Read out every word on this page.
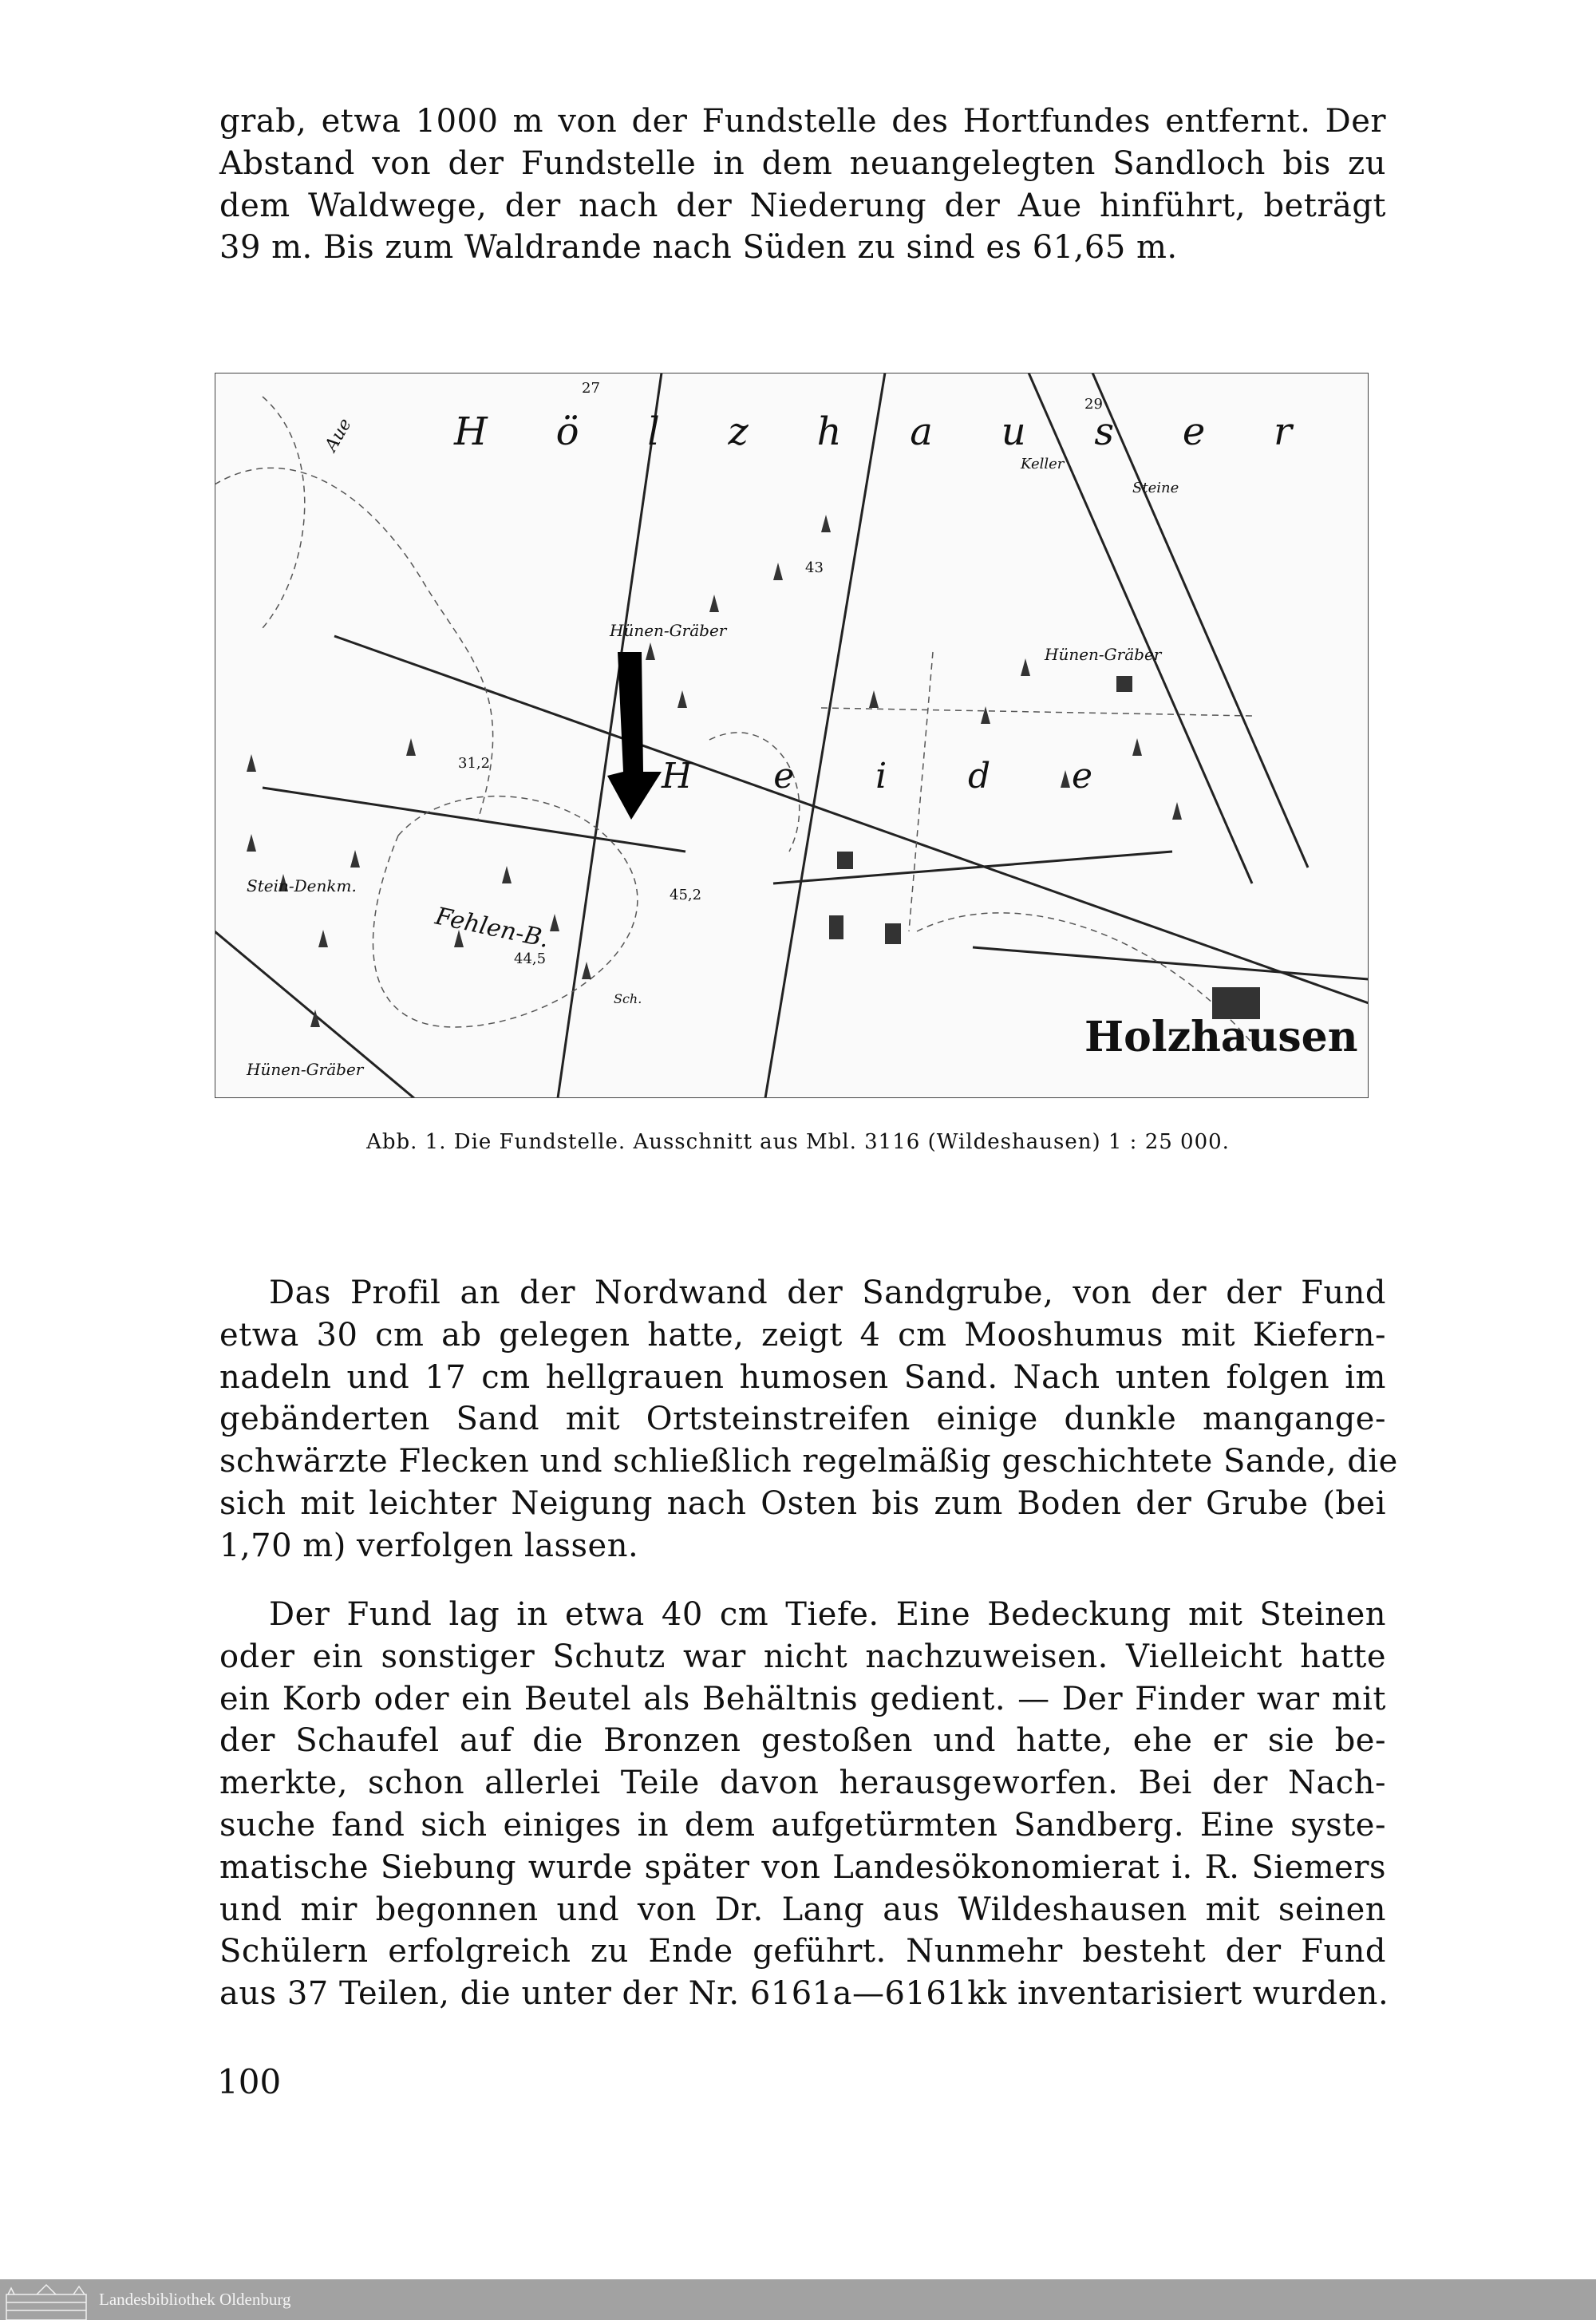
grab, etwa 1000 m von der Fundstelle des Hortfundes entfernt. Der
Abstand von der Fundstelle in dem neuangelegten Sandloch bis zu
dem Waldwege, der nach der Niederung der Aue hinführt, beträgt
39 m. Bis zum Waldrande nach Süden zu sind es 61,65 m.
H ö l z h a u s e r
H e i d e
Fehlen-B.
Stein-Denkm.
Hünen-Gräber
Hünen-Gräber
Hünen-Gräber
Holzhausen
Aue
Keller
Steine
Sch.
27
29
31,2
45,2
44,5
43
Abb. 1. Die Fundstelle. Ausschnitt aus Mbl. 3116 (Wildeshausen) 1 : 25 000.
Das Profil an der Nordwand der Sandgrube, von der der Fund
etwa 30 cm ab gelegen hatte, zeigt 4 cm Mooshumus mit Kiefern-
nadeln und 17 cm hellgrauen humosen Sand. Nach unten folgen im
gebänderten Sand mit Ortsteinstreifen einige dunkle mangange-
schwärzte Flecken und schließlich regelmäßig geschichtete Sande, die
sich mit leichter Neigung nach Osten bis zum Boden der Grube (bei
1,70 m) verfolgen lassen.
Der Fund lag in etwa 40 cm Tiefe. Eine Bedeckung mit Steinen
oder ein sonstiger Schutz war nicht nachzuweisen. Vielleicht hatte
ein Korb oder ein Beutel als Behältnis gedient. — Der Finder war mit
der Schaufel auf die Bronzen gestoßen und hatte, ehe er sie be-
merkte, schon allerlei Teile davon herausgeworfen. Bei der Nach-
suche fand sich einiges in dem aufgetürmten Sandberg. Eine syste-
matische Siebung wurde später von Landesökonomierat i. R. Siemers
und mir begonnen und von Dr. Lang aus Wildeshausen mit seinen
Schülern erfolgreich zu Ende geführt. Nunmehr besteht der Fund
aus 37 Teilen, die unter der Nr. 6161a—6161kk inventarisiert wurden.
100
Landesbibliothek Oldenburg
